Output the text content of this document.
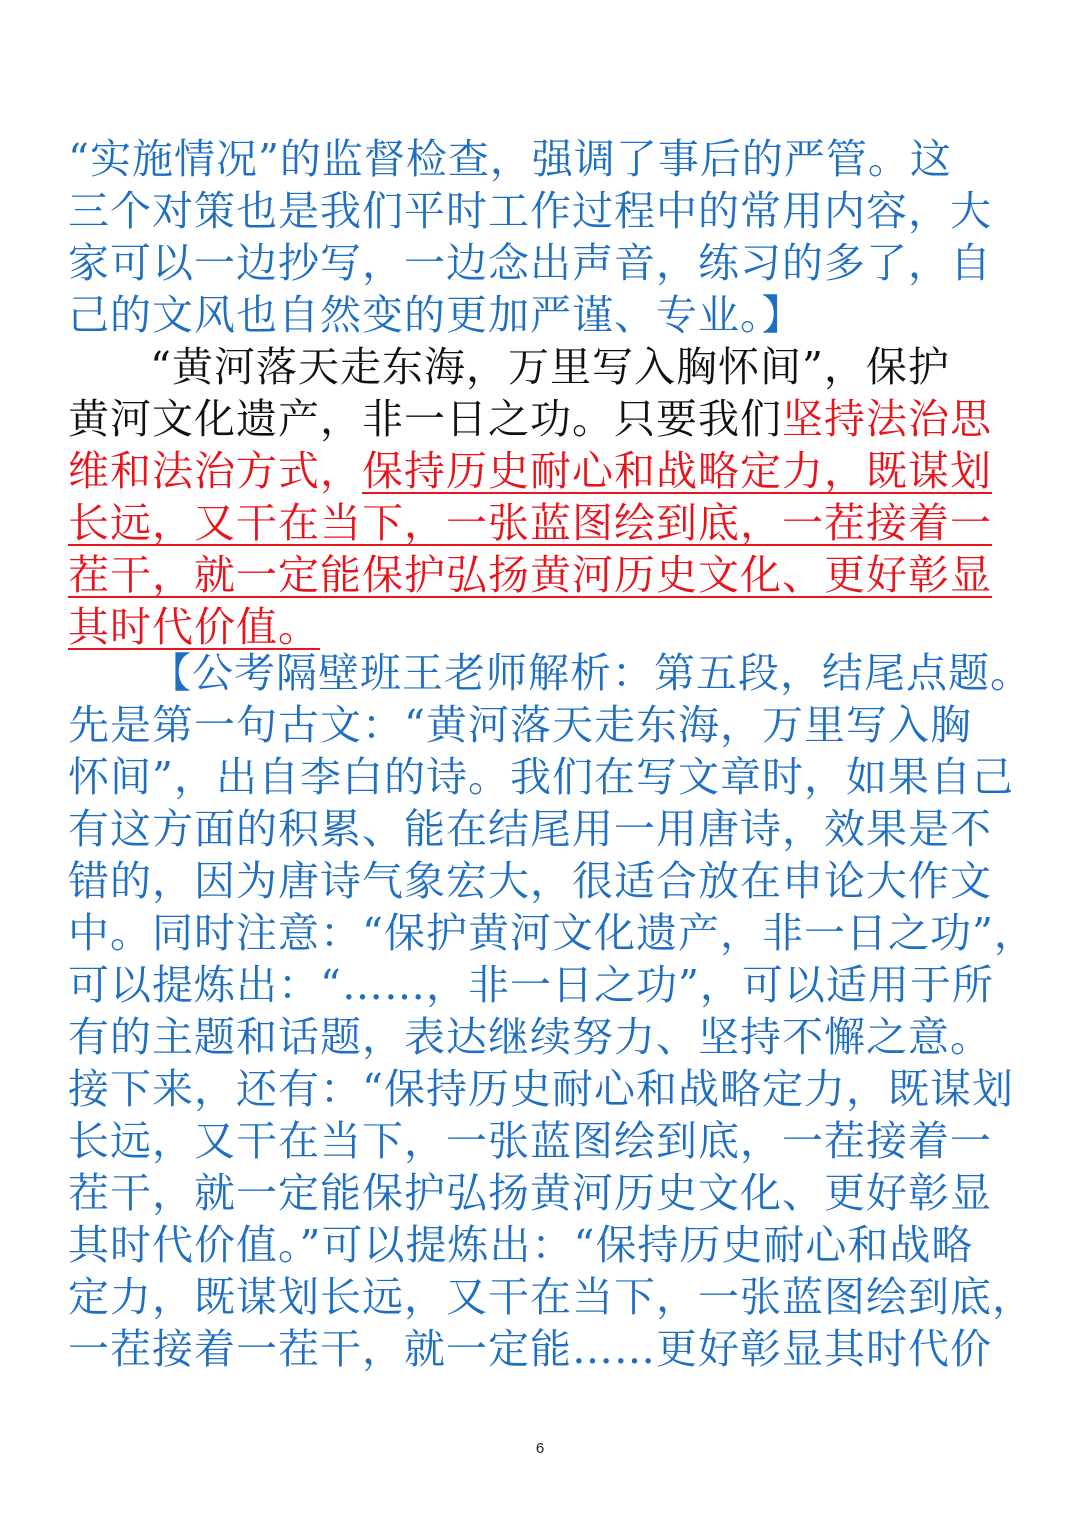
“实施情况”的监督检查，强调了事后的严管。这
三个对策也是我们平时工作过程中的常用内容，大
家可以一边抄写，一边念出声音，练习的多了，自
己的文风也自然变的更加严谨、专业。】
“黄河落天走东海，万里写入胸怀间”，保护
黄河文化遗产，非一日之功。只要我们坚持法治思
维和法治方式，保持历史耐心和战略定力，既谋划
长远，又干在当下，一张蓝图绘到底，一茬接着一
茬干，就一定能保护弘扬黄河历史文化、更好彰显
其时代价值。
【公考隔壁班王老师解析：第五段，结尾点题。
先是第一句古文：“黄河落天走东海，万里写入胸
怀间”，出自李白的诗。我们在写文章时，如果自己
有这方面的积累、能在结尾用一用唐诗，效果是不
错的，因为唐诗气象宏大，很适合放在申论大作文
中。同时注意：“保护黄河文化遗产，非一日之功”，
可以提炼出：“……，非一日之功”，可以适用于所
有的主题和话题，表达继续努力、坚持不懈之意。
接下来，还有：“保持历史耐心和战略定力，既谋划
长远，又干在当下，一张蓝图绘到底，一茬接着一
茬干，就一定能保护弘扬黄河历史文化、更好彰显
其时代价值。”可以提炼出：“保持历史耐心和战略
定力，既谋划长远，又干在当下，一张蓝图绘到底，
一茬接着一茬干，就一定能……更好彰显其时代价
6
